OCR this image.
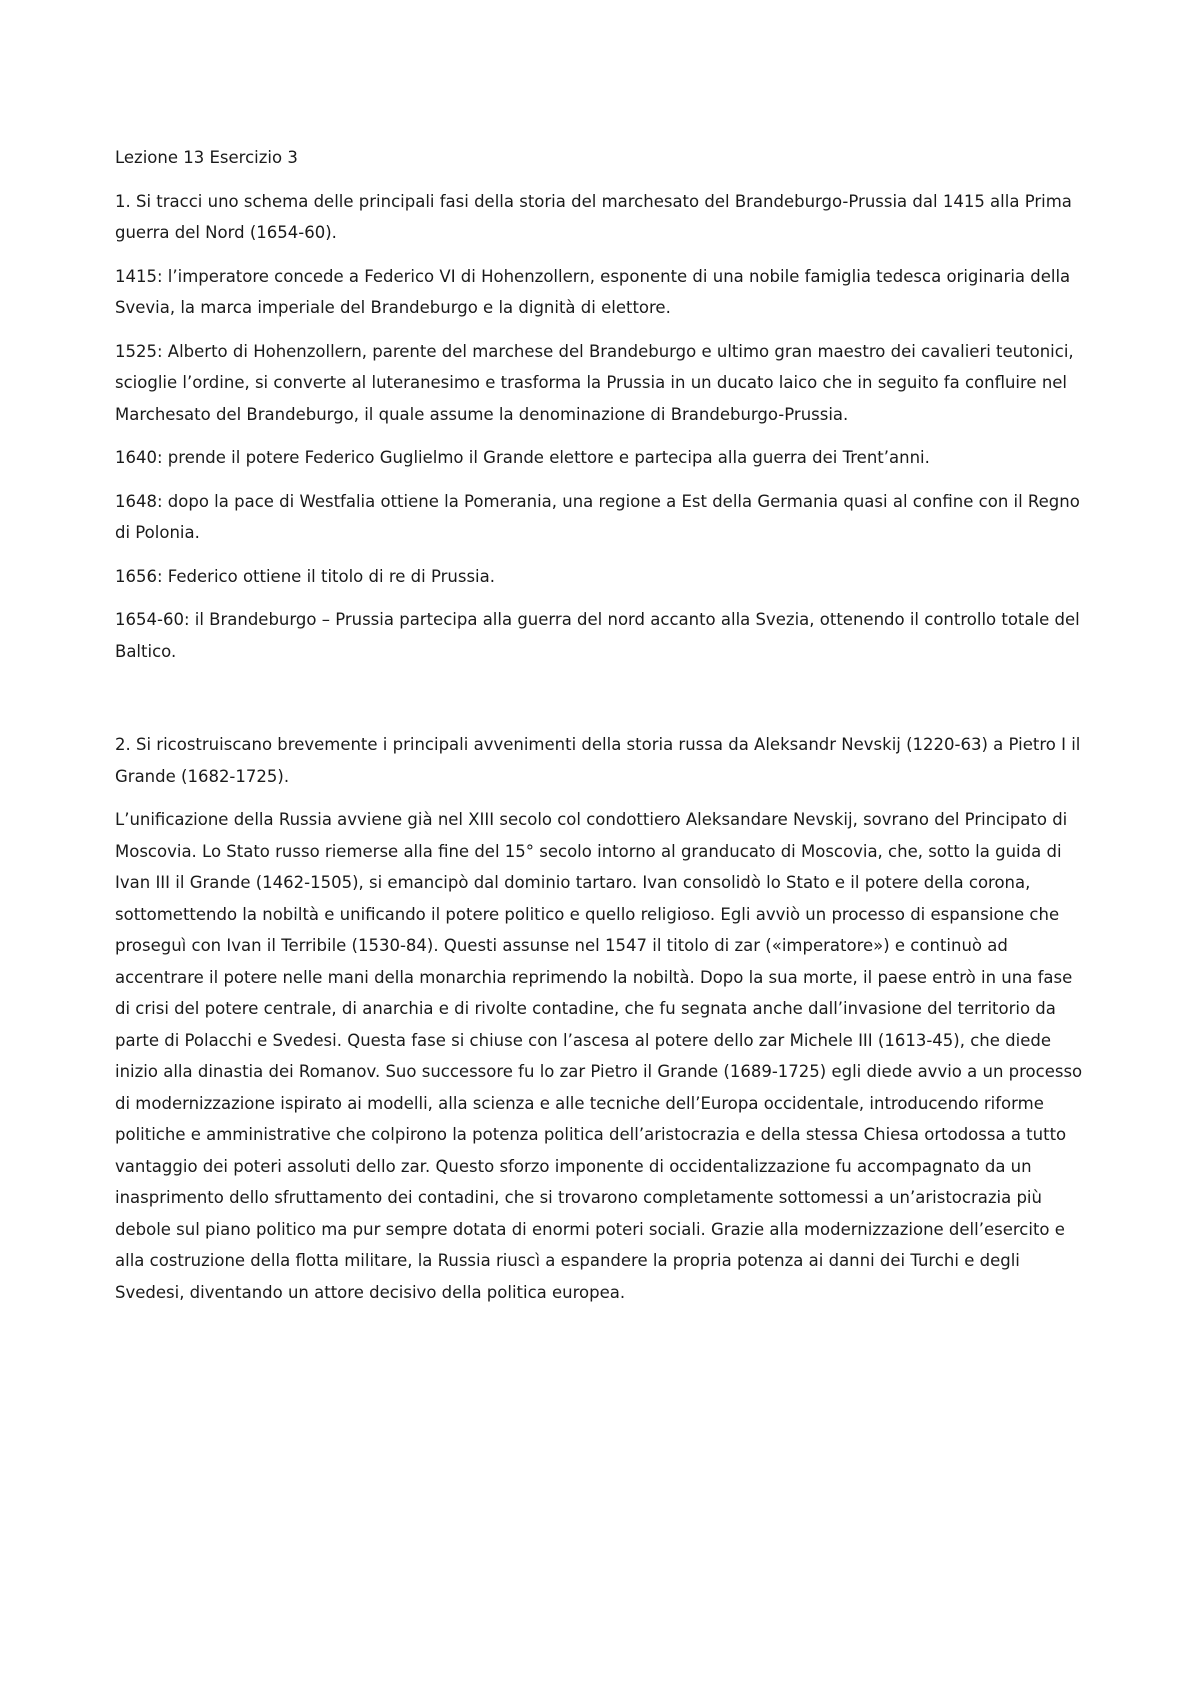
Lezione 13 Esercizio 3

1. Si tracci uno schema delle principali fasi della storia del marchesato del Brandeburgo-Prussia dal 1415 alla Prima guerra del Nord (1654-60).

1415: l’imperatore concede a Federico VI di Hohenzollern, esponente di una nobile famiglia tedesca originaria della Svevia, la marca imperiale del Brandeburgo e la dignità di elettore.

1525: Alberto di Hohenzollern, parente del marchese del Brandeburgo e ultimo gran maestro dei cavalieri teutonici, scioglie l’ordine, si converte al luteranesimo e trasforma la Prussia in un ducato laico che in seguito fa confluire nel Marchesato del Brandeburgo, il quale assume la denominazione di Brandeburgo-Prussia.

1640: prende il potere Federico Guglielmo il Grande elettore e partecipa alla guerra dei Trent’anni.

1648: dopo la pace di Westfalia ottiene la Pomerania, una regione a Est della Germania quasi al confine con il Regno di Polonia.

1656: Federico ottiene il titolo di re di Prussia.

1654-60: il Brandeburgo – Prussia partecipa alla guerra del nord accanto alla Svezia, ottenendo il controllo totale del Baltico.

2. Si ricostruiscano brevemente i principali avvenimenti della storia russa da Aleksandr Nevskij (1220-63) a Pietro I il Grande (1682-1725).

L’unificazione della Russia avviene già nel XIII secolo col condottiero Aleksandare Nevskij, sovrano del Principato di Moscovia. Lo Stato russo riemerse alla fine del 15° secolo intorno al granducato di Moscovia, che, sotto la guida di Ivan III il Grande (1462-1505), si emancipò dal dominio tartaro. Ivan consolidò lo Stato e il potere della corona, sottomettendo la nobiltà e unificando il potere politico e quello religioso. Egli avviò un processo di espansione che proseguì con Ivan il Terribile (1530-84). Questi assunse nel 1547 il titolo di zar («imperatore») e continuò ad accentrare il potere nelle mani della monarchia reprimendo la nobiltà. Dopo la sua morte, il paese entrò in una fase di crisi del potere centrale, di anarchia e di rivolte contadine, che fu segnata anche dall’invasione del territorio da parte di Polacchi e Svedesi. Questa fase si chiuse con l’ascesa al potere dello zar Michele III (1613-45), che diede inizio alla dinastia dei Romanov. Suo successore fu lo zar Pietro il Grande (1689-1725) egli diede avvio a un processo di modernizzazione ispirato ai modelli, alla scienza e alle tecniche dell’Europa occidentale, introducendo riforme politiche e amministrative che colpirono la potenza politica dell’aristocrazia e della stessa Chiesa ortodossa a tutto vantaggio dei poteri assoluti dello zar. Questo sforzo imponente di occidentalizzazione fu accompagnato da un inasprimento dello sfruttamento dei contadini, che si trovarono completamente sottomessi a un’aristocrazia più debole sul piano politico ma pur sempre dotata di enormi poteri sociali. Grazie alla modernizzazione dell’esercito e alla costruzione della flotta militare, la Russia riuscì a espandere la propria potenza ai danni dei Turchi e degli Svedesi, diventando un attore decisivo della politica europea.
